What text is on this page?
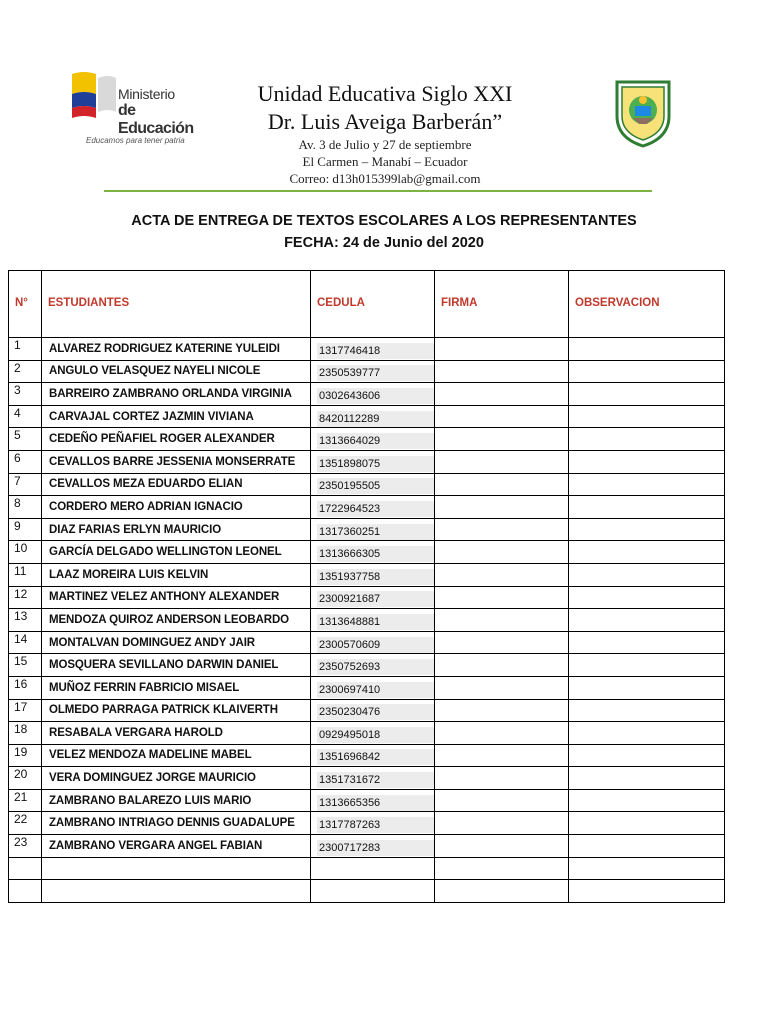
Ministerio
de Educación
Educamos para tener patria
Unidad Educativa Siglo XXI
Dr. Luis Aveiga Barberán”
Av. 3 de Julio y 27 de septiembre
El Carmen – Manabí – Ecuador
Correo: d13h015399lab@gmail.com
ACTA DE ENTREGA DE TEXTOS ESCOLARES A LOS REPRESENTANTES
FECHA: 24 de Junio del 2020
N°	ESTUDIANTES	CEDULA	FIRMA	OBSERVACION

1	ALVAREZ RODRIGUEZ KATERINE YULEIDI	1317746418		
2	ANGULO VELASQUEZ NAYELI NICOLE	2350539777		
3	BARREIRO ZAMBRANO ORLANDA VIRGINIA	0302643606		
4	CARVAJAL CORTEZ JAZMIN VIVIANA	8420112289		
5	CEDEÑO PEÑAFIEL ROGER ALEXANDER	1313664029		
6	CEVALLOS BARRE JESSENIA MONSERRATE	1351898075		
7	CEVALLOS MEZA EDUARDO ELIAN	2350195505		
8	CORDERO MERO ADRIAN IGNACIO	1722964523		
9	DIAZ FARIAS ERLYN MAURICIO	1317360251		
10	GARCÍA DELGADO WELLINGTON LEONEL	1313666305		
11	LAAZ MOREIRA LUIS KELVIN	1351937758		
12	MARTINEZ VELEZ ANTHONY ALEXANDER	2300921687		
13	MENDOZA QUIROZ ANDERSON LEOBARDO	1313648881		
14	MONTALVAN DOMINGUEZ ANDY JAIR	2300570609		
15	MOSQUERA SEVILLANO DARWIN DANIEL	2350752693		
16	MUÑOZ FERRIN FABRICIO MISAEL	2300697410		
17	OLMEDO PARRAGA PATRICK KLAIVERTH	2350230476		
18	RESABALA VERGARA HAROLD	0929495018		
19	VELEZ MENDOZA MADELINE MABEL	1351696842		
20	VERA DOMINGUEZ JORGE MAURICIO	1351731672		
21	ZAMBRANO BALAREZO LUIS MARIO	1313665356		
22	ZAMBRANO INTRIAGO DENNIS GUADALUPE	1317787263		
23	ZAMBRANO VERGARA ANGEL FABIAN	2300717283		
